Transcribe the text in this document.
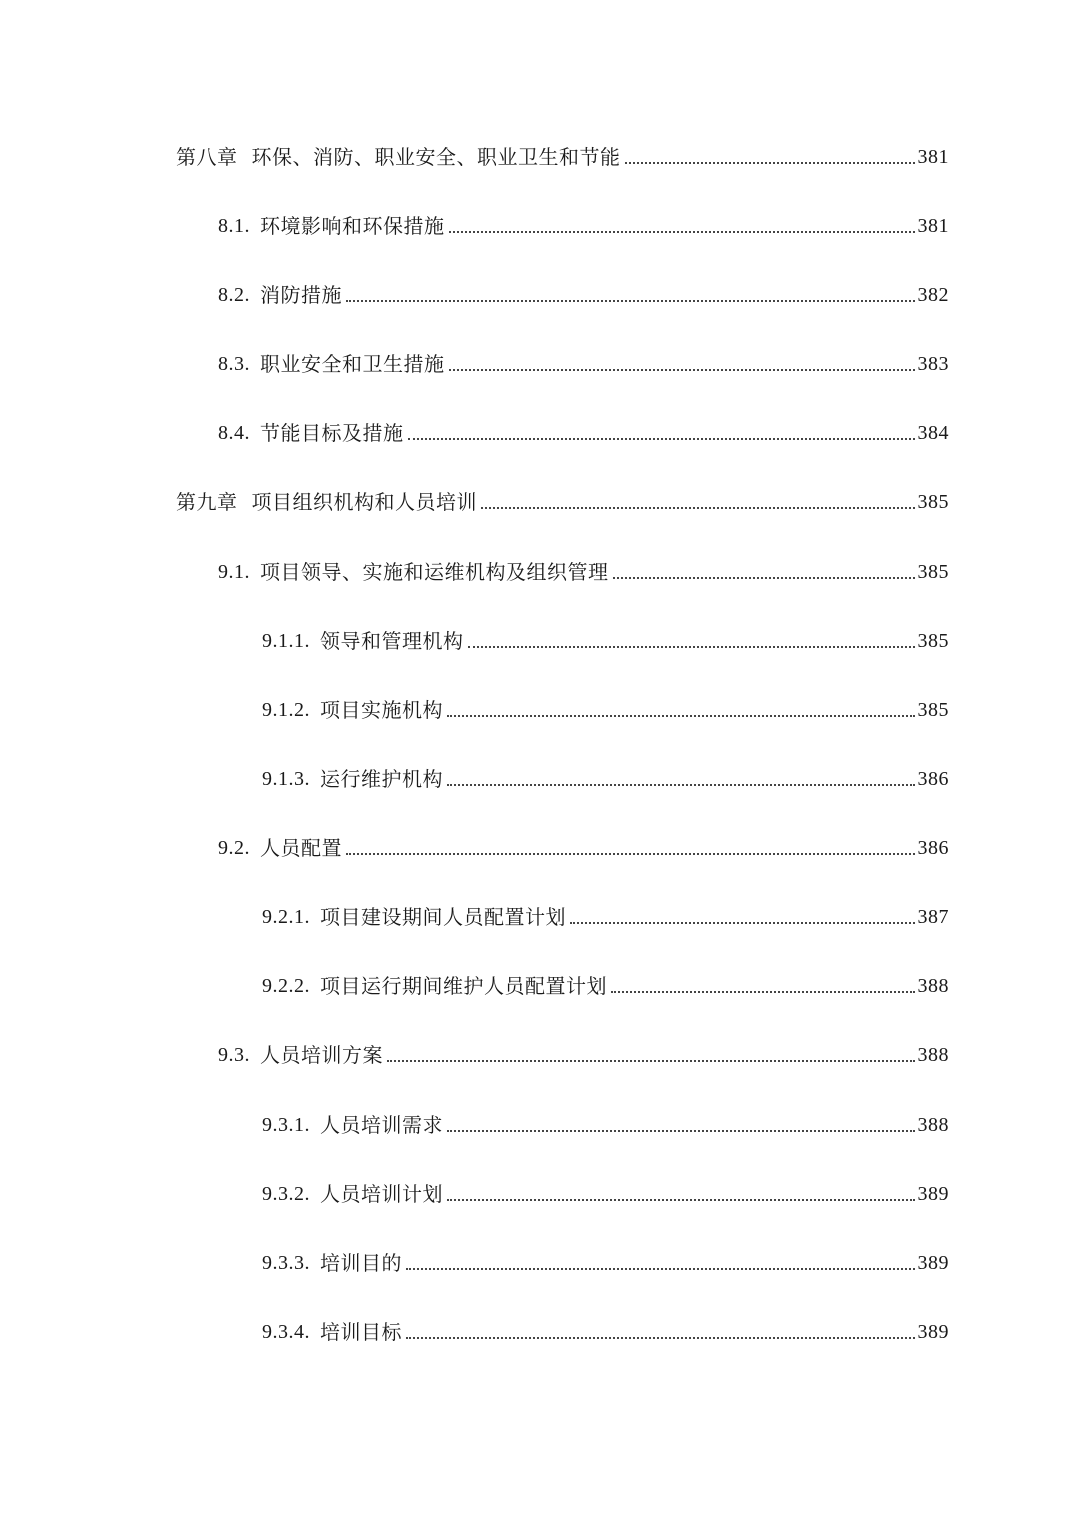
第八章 环保、消防、职业安全、职业卫生和节能	381
8.1. 环境影响和环保措施	381
8.2. 消防措施	382
8.3. 职业安全和卫生措施	383
8.4. 节能目标及措施	384
第九章 项目组织机构和人员培训	385
9.1. 项目领导、实施和运维机构及组织管理	385
9.1.1. 领导和管理机构	385
9.1.2. 项目实施机构	385
9.1.3. 运行维护机构	386
9.2. 人员配置	386
9.2.1. 项目建设期间人员配置计划	387
9.2.2. 项目运行期间维护人员配置计划	388
9.3. 人员培训方案	388
9.3.1. 人员培训需求	388
9.3.2. 人员培训计划	389
9.3.3. 培训目的	389
9.3.4. 培训目标	389
